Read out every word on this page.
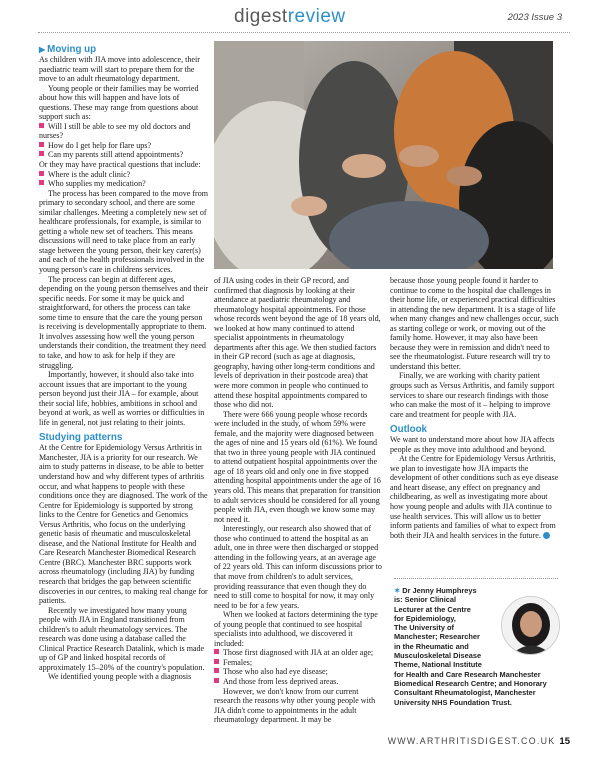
digestreview	2023 Issue 3
▶ Moving up

As children with JIA move into adolescence, their paediatric team will start to prepare them for the move to an adult rheumatology department.

Young people or their families may be worried about how this will happen and have lots of questions. These may range from questions about support such as:

Will I still be able to see my old doctors and nurses?
How do I get help for flare ups?
Can my parents still attend appointments?

Or they may have practical questions that include:

Where is the adult clinic?
Who supplies my medication?

The process has been compared to the move from primary to secondary school, and there are some similar challenges. Meeting a completely new set of healthcare professionals, for example, is similar to getting a whole new set of teachers. This means discussions will need to take place from an early stage between the young person, their key carer(s) and each of the health professionals involved in the young person's care in childrens services.

The process can begin at different ages, depending on the young person themselves and their specific needs. For some it may be quick and straightforward, for others the process can take some time to ensure that the care the young person is receiving is developmentally appropriate to them. It involves assessing how well the young person understands their condition, the treatment they need to take, and how to ask for help if they are struggling.

Importantly, however, it should also take into account issues that are important to the young person beyond just their JIA – for example, about their social life, hobbies, ambitions in school and beyond at work, as well as worries or difficulties in life in general, not just relating to their joints.

Studying patterns

At the Centre for Epidemiology Versus Arthritis in Manchester, JIA is a priority for our research. We aim to study patterns in disease, to be able to better understand how and why different types of arthritis occur, and what happens to people with these conditions once they are diagnosed. The work of the Centre for Epidemiology is supported by strong links to the Centre for Genetics and Genomics Versus Arthritis, who focus on the underlying genetic basis of rheumatic and musculoskeletal disease, and the National Institute for Health and Care Research Manchester Biomedical Research Centre (BRC). Manchester BRC supports work across rheumatology (including JIA) by funding research that bridges the gap between scientific discoveries in our centres, to making real change for patients.

Recently we investigated how many young people with JIA in England transitioned from children's to adult rheumatology services. The research was done using a database called the Clinical Practice Research Datalink, which is made up of GP and linked hospital records of approximately 15–20% of the country's population.

We identified young people with a diagnosis

of JIA using codes in their GP record, and confirmed that diagnosis by looking at their attendance at paediatric rheumatology and rheumatology hospital appointments. For those whose records went beyond the age of 18 years old, we looked at how many continued to attend specialist appointments in rheumatology departments after this age. We then studied factors in their GP record (such as age at diagnosis, geography, having other long-term conditions and levels of deprivation in their postcode area) that were more common in people who continued to attend these hospital appointments compared to those who did not.

There were 666 young people whose records were included in the study, of whom 59% were female, and the majority were diagnosed between the ages of nine and 15 years old (61%). We found that two in three young people with JIA continued to attend outpatient hospital appointments over the age of 18 years old and only one in five stopped attending hospital appointments under the age of 16 years old. This means that preparation for transition to adult services should be considered for all young people with JIA, even though we know some may not need it.

Interestingly, our research also showed that of those who continued to attend the hospital as an adult, one in three were then discharged or stopped attending in the following years, at an average age of 22 years old. This can inform discussions prior to that move from children's to adult services, providing reassurance that even though they do need to still come to hospital for now, it may only need to be for a few years.

When we looked at factors determining the type of young people that continued to see hospital specialists into adulthood, we discovered it included:

Those first diagnosed with JIA at an older age;
Females;
Those who also had eye disease;
And those from less deprived areas.

However, we don't know from our current research the reasons why other young people with JIA didn't come to appointments in the adult rheumatology department. It may be

because those young people found it harder to continue to come to the hospital due challenges in their home life, or experienced practical difficulties in attending the new department. It is a stage of life when many changes and new challenges occur, such as starting college or work, or moving out of the family home. However, it may also have been because they were in remission and didn't need to see the rheumatologist. Future research will try to understand this better.

Finally, we are working with charity patient groups such as Versus Arthritis, and family support services to share our research findings with those who can make the most of it – helping to improve care and treatment for people with JIA.

Outlook

We want to understand more about how JIA affects people as they move into adulthood and beyond.

At the Centre for Epidemiology Versus Arthritis, we plan to investigate how JIA impacts the development of other conditions such as eye disease and heart disease, any effect on pregnancy and childbearing, as well as investigating more about how young people and adults with JIA continue to use health services. This will allow us to better inform patients and families of what to expect from both their JIA and health services in the future.

✶ Dr Jenny Humphreys
is: Senior Clinical
Lecturer at the Centre
for Epidemiology,
The University of
Manchester; Researcher
in the Rheumatic and
Musculoskeletal Disease
Theme, National Institute
for Health and Care Research Manchester Biomedical Research Centre; and Honorary Consultant Rheumatologist, Manchester University NHS Foundation Trust.
WWW.ARTHRITISDIGEST.CO.UK 15
